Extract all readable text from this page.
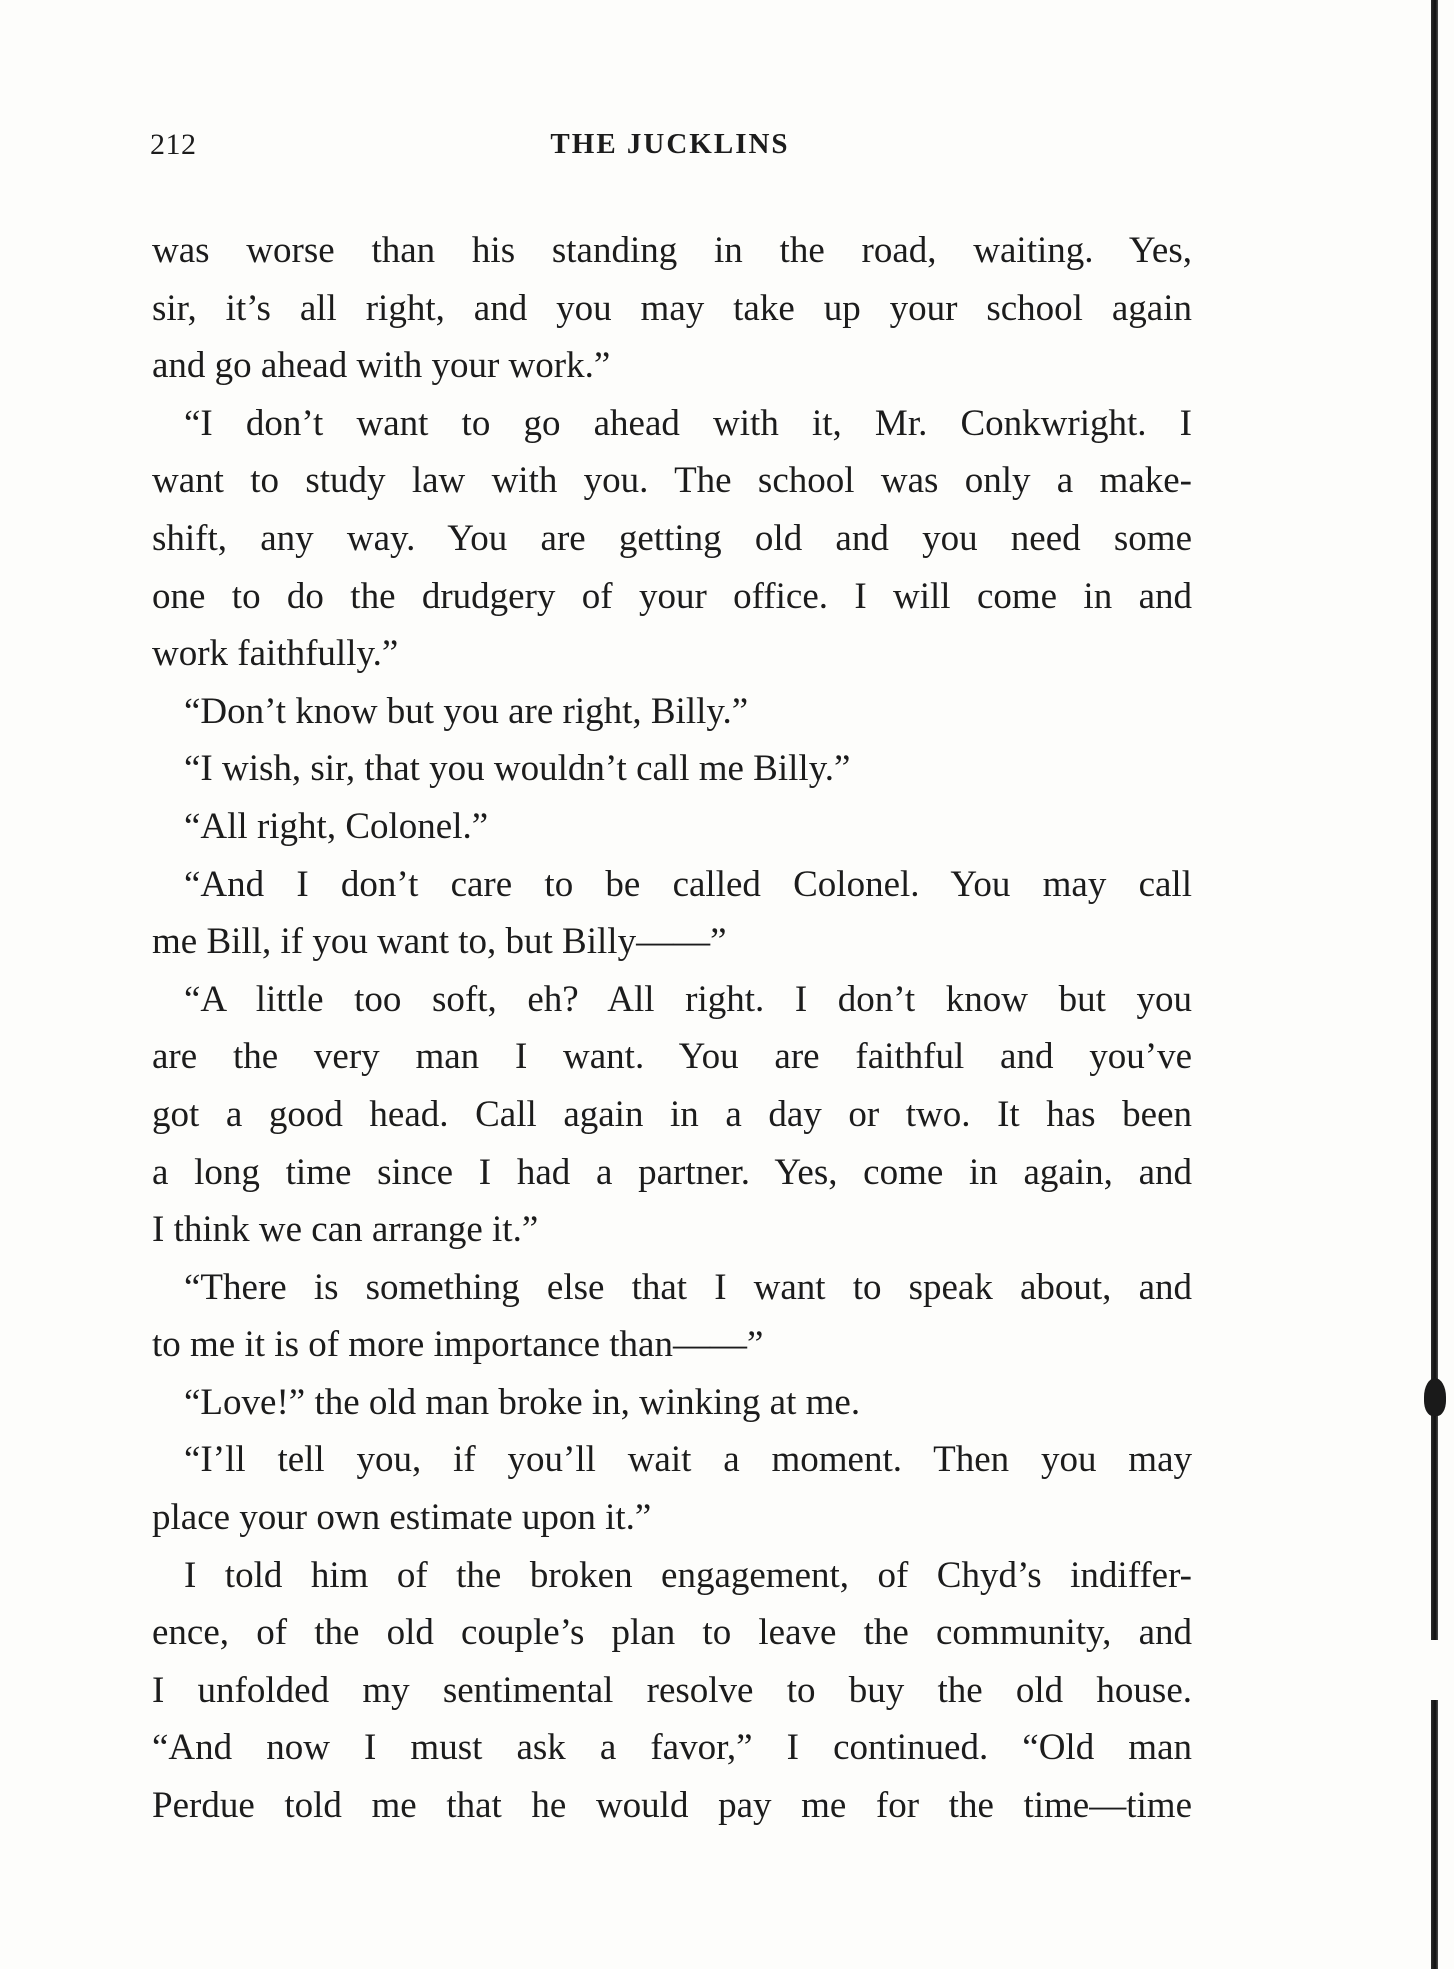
212	THE JUCKLINS

was worse than his standing in the road, waiting. Yes,
sir, it’s all right, and you may take up your school again
and go ahead with your work.”

“I don’t want to go ahead with it, Mr. Conkwright. I
want to study law with you. The school was only a make-
shift, any way. You are getting old and you need some
one to do the drudgery of your office. I will come in and
work faithfully.”

“Don’t know but you are right, Billy.”

“I wish, sir, that you wouldn’t call me Billy.”

“All right, Colonel.”

“And I don’t care to be called Colonel. You may call
me Bill, if you want to, but Billy——”

“A little too soft, eh? All right. I don’t know but you
are the very man I want. You are faithful and you’ve
got a good head. Call again in a day or two. It has been
a long time since I had a partner. Yes, come in again, and
I think we can arrange it.”

“There is something else that I want to speak about, and
to me it is of more importance than——”

“Love!” the old man broke in, winking at me.

“I’ll tell you, if you’ll wait a moment. Then you may
place your own estimate upon it.”

I told him of the broken engagement, of Chyd’s indiffer-
ence, of the old couple’s plan to leave the community, and
I unfolded my sentimental resolve to buy the old house.
“And now I must ask a favor,” I continued. “Old man
Perdue told me that he would pay me for the time—time
